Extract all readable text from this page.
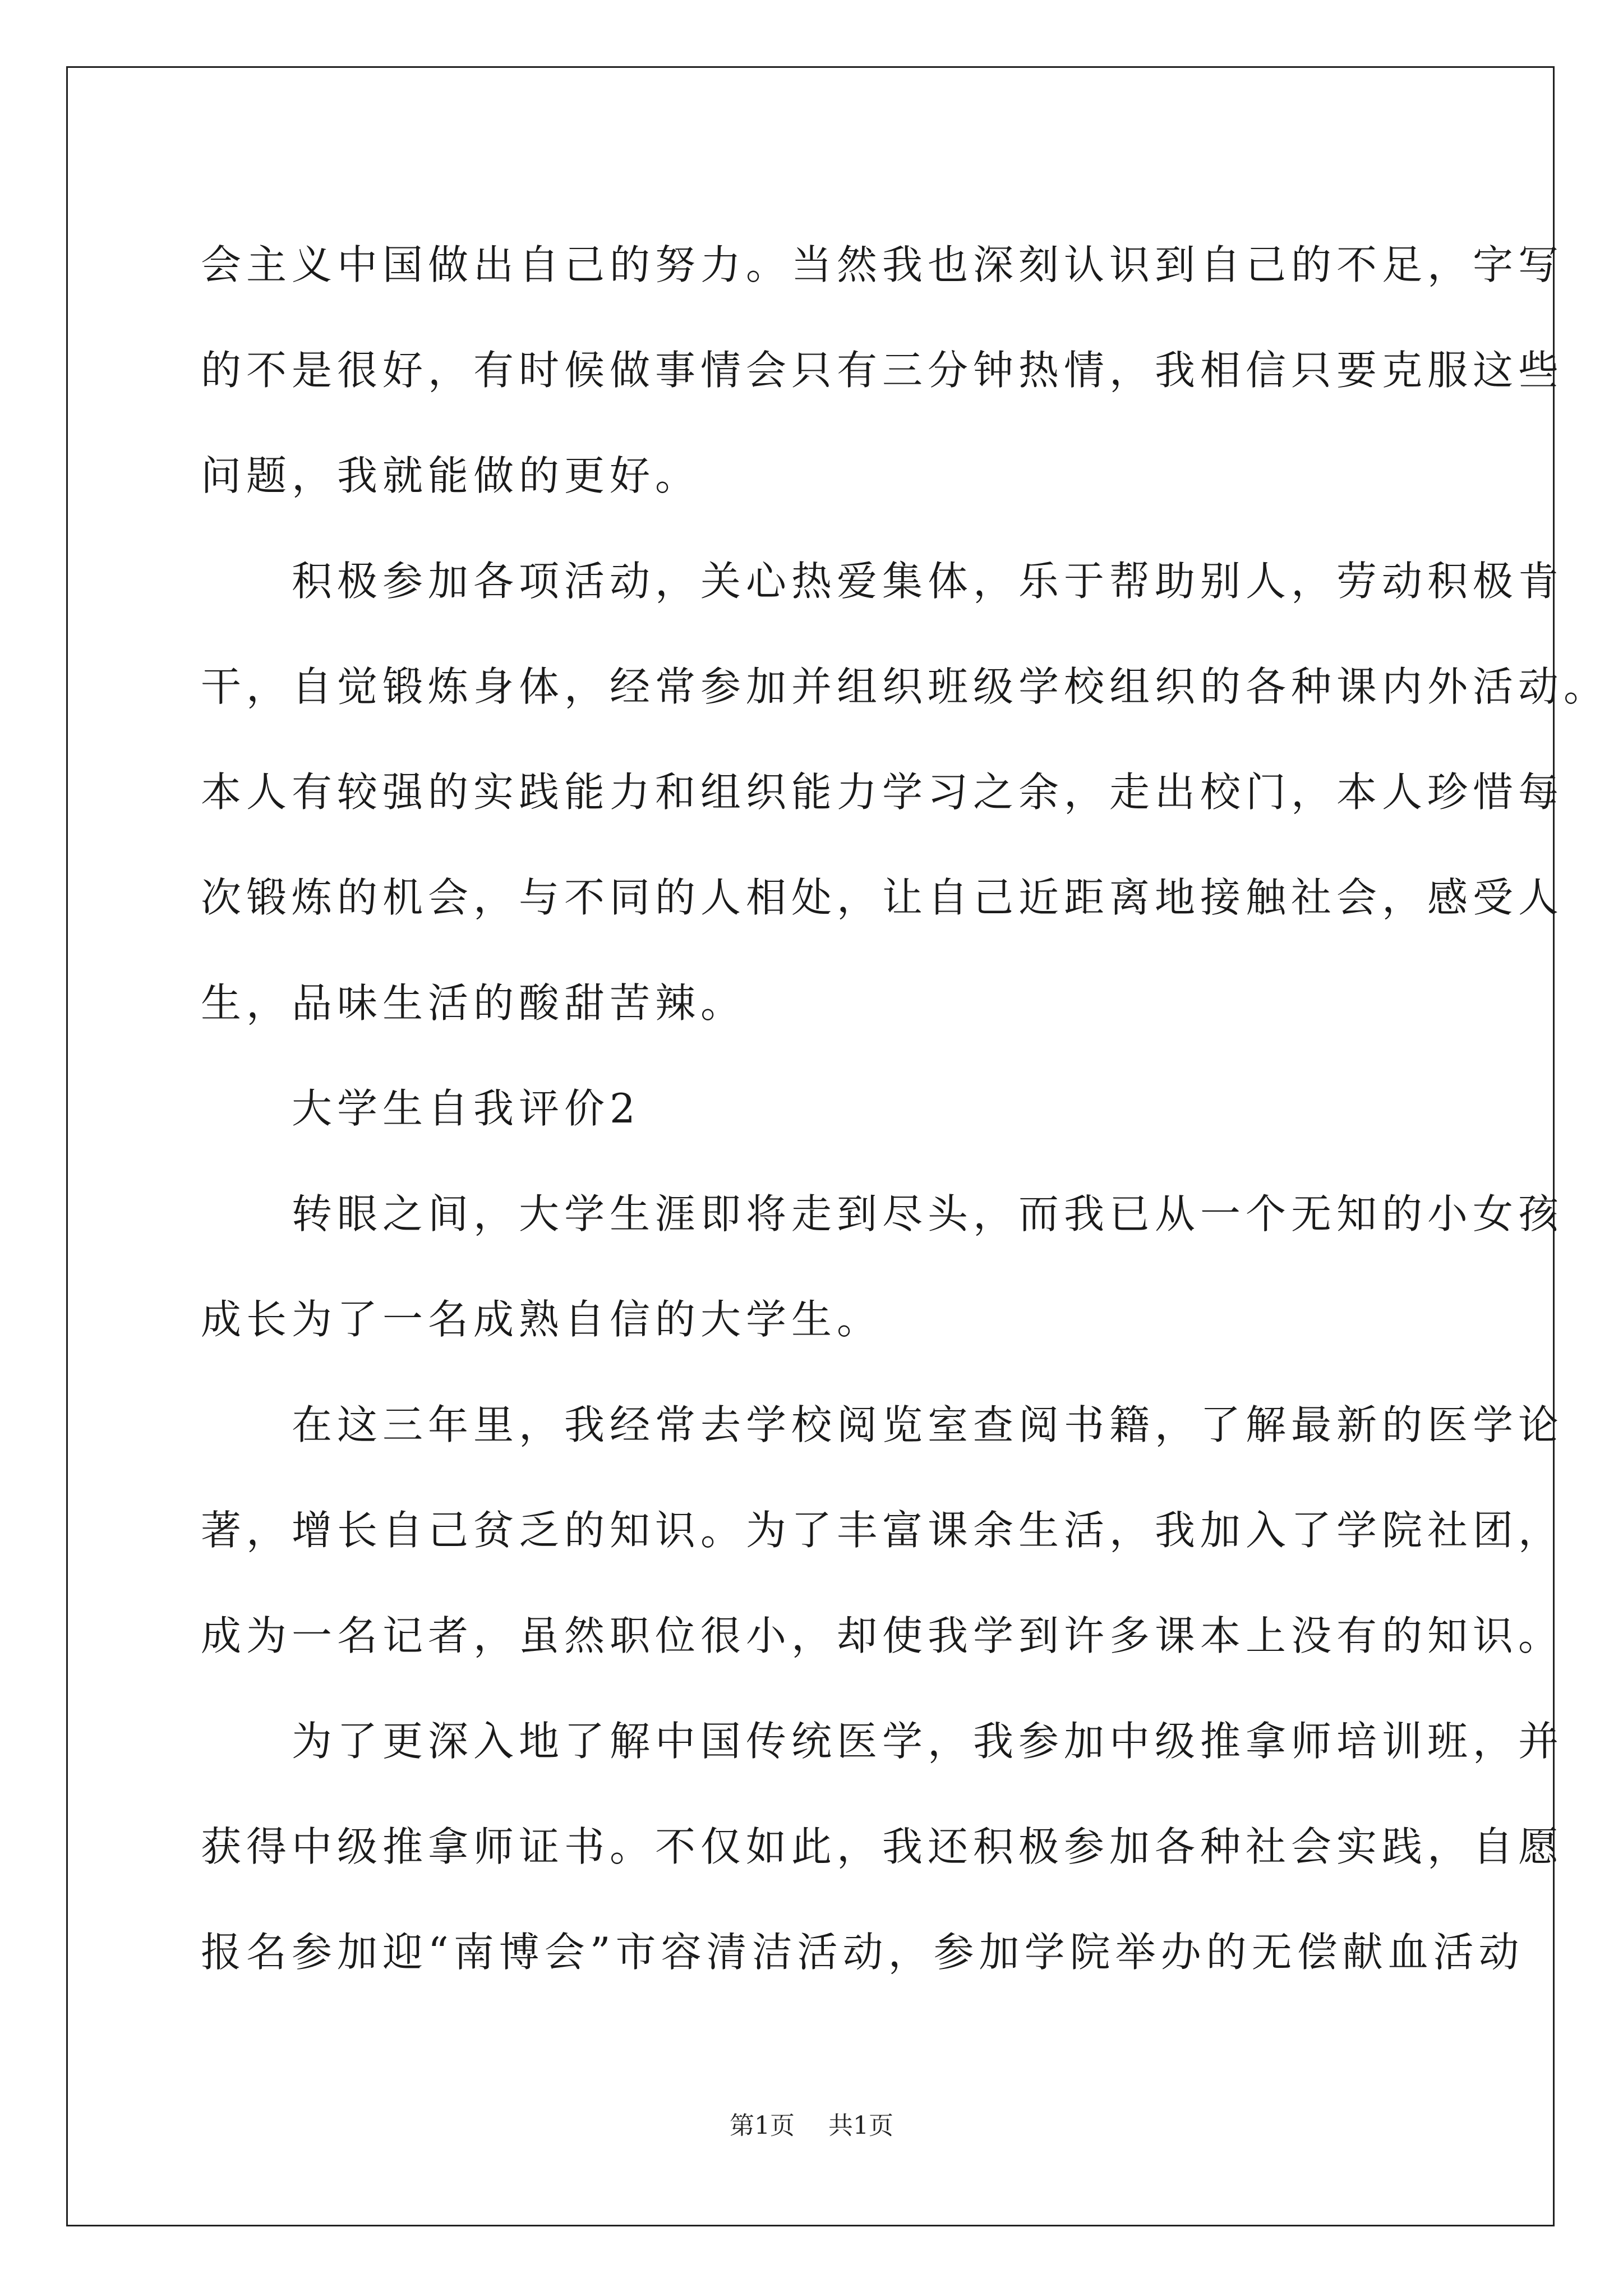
会主义中国做出自己的努力。当然我也深刻认识到自己的不足，字写
的不是很好，有时候做事情会只有三分钟热情，我相信只要克服这些
问题，我就能做的更好。
　　积极参加各项活动，关心热爱集体，乐于帮助别人，劳动积极肯
干，自觉锻炼身体，经常参加并组织班级学校组织的各种课内外活动。
本人有较强的实践能力和组织能力学习之余，走出校门，本人珍惜每
次锻炼的机会，与不同的人相处，让自己近距离地接触社会，感受人
生，品味生活的酸甜苦辣。
　　大学生自我评价2
　　转眼之间，大学生涯即将走到尽头，而我已从一个无知的小女孩
成长为了一名成熟自信的大学生。
　　在这三年里，我经常去学校阅览室查阅书籍，了解最新的医学论
著，增长自己贫乏的知识。为了丰富课余生活，我加入了学院社团，
成为一名记者，虽然职位很小，却使我学到许多课本上没有的知识。
　　为了更深入地了解中国传统医学，我参加中级推拿师培训班，并
获得中级推拿师证书。不仅如此，我还积极参加各种社会实践，自愿
报名参加迎“南博会”市容清洁活动，参加学院举办的无偿献血活动
第1页 共1页
